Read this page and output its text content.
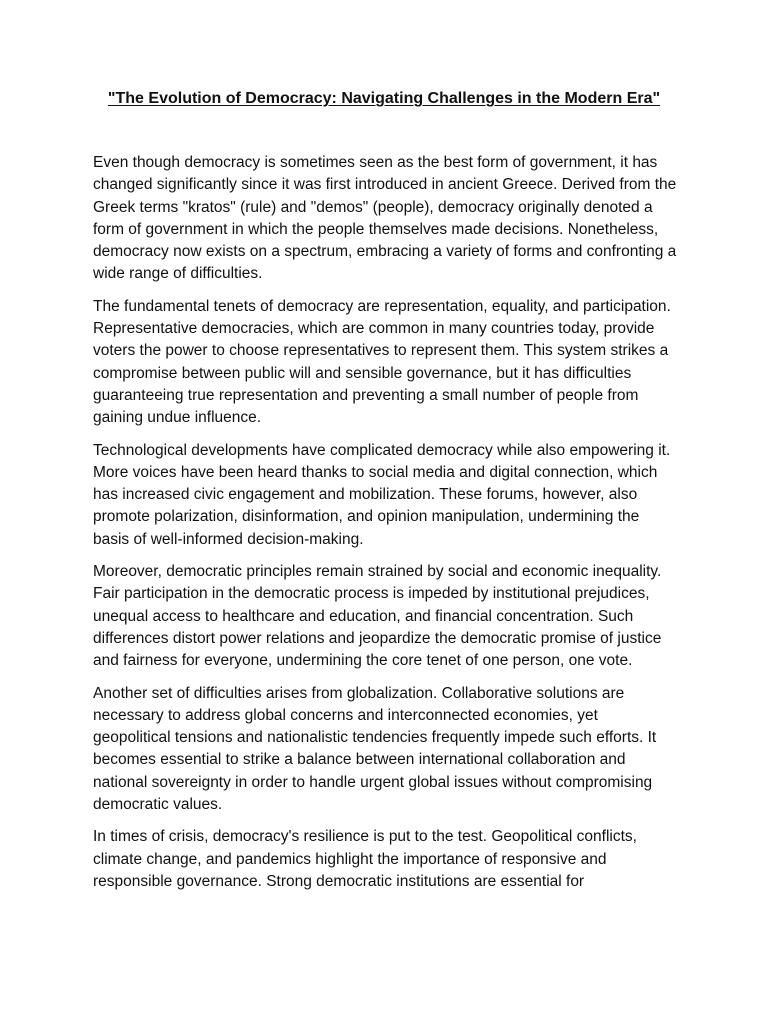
"The Evolution of Democracy: Navigating Challenges in the Modern Era"

Even though democracy is sometimes seen as the best form of government, it has changed significantly since it was first introduced in ancient Greece. Derived from the Greek terms "kratos" (rule) and "demos" (people), democracy originally denoted a form of government in which the people themselves made decisions. Nonetheless, democracy now exists on a spectrum, embracing a variety of forms and confronting a wide range of difficulties.

The fundamental tenets of democracy are representation, equality, and participation. Representative democracies, which are common in many countries today, provide voters the power to choose representatives to represent them. This system strikes a compromise between public will and sensible governance, but it has difficulties guaranteeing true representation and preventing a small number of people from gaining undue influence.

Technological developments have complicated democracy while also empowering it. More voices have been heard thanks to social media and digital connection, which has increased civic engagement and mobilization. These forums, however, also promote polarization, disinformation, and opinion manipulation, undermining the basis of well-informed decision-making.

Moreover, democratic principles remain strained by social and economic inequality. Fair participation in the democratic process is impeded by institutional prejudices, unequal access to healthcare and education, and financial concentration. Such differences distort power relations and jeopardize the democratic promise of justice and fairness for everyone, undermining the core tenet of one person, one vote.

Another set of difficulties arises from globalization. Collaborative solutions are necessary to address global concerns and interconnected economies, yet geopolitical tensions and nationalistic tendencies frequently impede such efforts. It becomes essential to strike a balance between international collaboration and national sovereignty in order to handle urgent global issues without compromising democratic values.

In times of crisis, democracy's resilience is put to the test. Geopolitical conflicts, climate change, and pandemics highlight the importance of responsive and responsible governance. Strong democratic institutions are essential for
